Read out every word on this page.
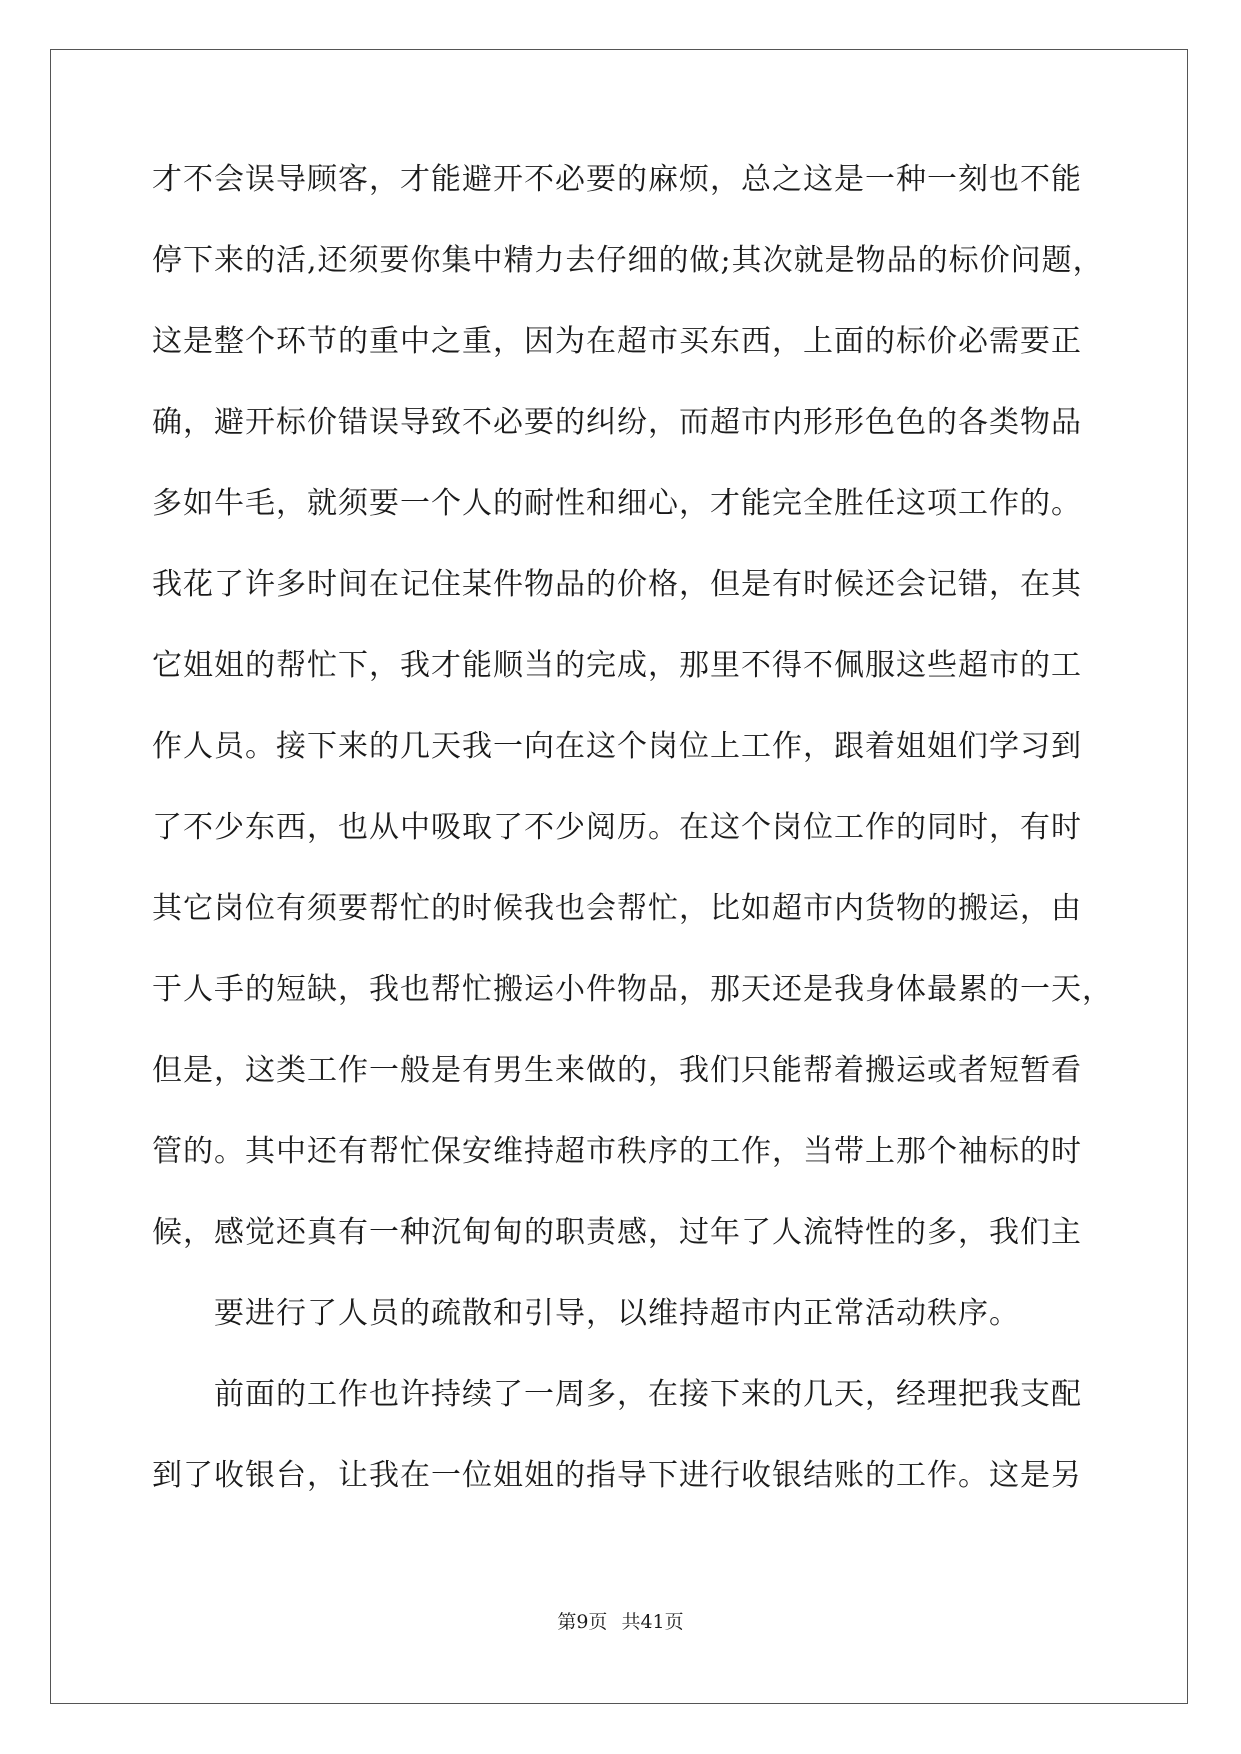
才不会误导顾客，才能避开不必要的麻烦，总之这是一种一刻也不能
停下来的活,还须要你集中精力去仔细的做;其次就是物品的标价问题，
这是整个环节的重中之重，因为在超市买东西，上面的标价必需要正
确，避开标价错误导致不必要的纠纷，而超市内形形色色的各类物品
多如牛毛，就须要一个人的耐性和细心，才能完全胜任这项工作的。
我花了许多时间在记住某件物品的价格，但是有时候还会记错，在其
它姐姐的帮忙下，我才能顺当的完成，那里不得不佩服这些超市的工
作人员。接下来的几天我一向在这个岗位上工作，跟着姐姐们学习到
了不少东西，也从中吸取了不少阅历。在这个岗位工作的同时，有时
其它岗位有须要帮忙的时候我也会帮忙，比如超市内货物的搬运，由
于人手的短缺，我也帮忙搬运小件物品，那天还是我身体最累的一天，
但是，这类工作一般是有男生来做的，我们只能帮着搬运或者短暂看
管的。其中还有帮忙保安维持超市秩序的工作，当带上那个袖标的时
候，感觉还真有一种沉甸甸的职责感，过年了人流特性的多，我们主
要进行了人员的疏散和引导，以维持超市内正常活动秩序。
前面的工作也许持续了一周多，在接下来的几天，经理把我支配
到了收银台，让我在一位姐姐的指导下进行收银结账的工作。这是另
第9页 共41页
